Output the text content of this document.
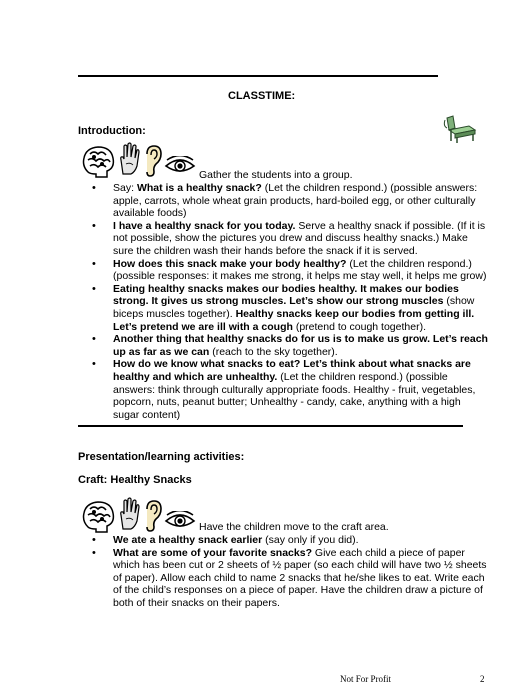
CLASSTIME:
Introduction:
Gather the students into a group.
• Say: What is a healthy snack? (Let the children respond.) (possible answers: apple, carrots, whole wheat grain products, hard-boiled egg, or other culturally available foods)
• I have a healthy snack for you today. Serve a healthy snack if possible. (If it is not possible, show the pictures you drew and discuss healthy snacks.) Make sure the children wash their hands before the snack if it is served.
• How does this snack make your body healthy? (Let the children respond.) (possible responses: it makes me strong, it helps me stay well, it helps me grow)
• Eating healthy snacks makes our bodies healthy. It makes our bodies strong. It gives us strong muscles. Let’s show our strong muscles (show biceps muscles together). Healthy snacks keep our bodies from getting ill. Let’s pretend we are ill with a cough (pretend to cough together).
• Another thing that healthy snacks do for us is to make us grow. Let’s reach up as far as we can (reach to the sky together).
• How do we know what snacks to eat? Let’s think about what snacks are healthy and which are unhealthy. (Let the children respond.) (possible answers: think through culturally appropriate foods. Healthy - fruit, vegetables, popcorn, nuts, peanut butter; Unhealthy - candy, cake, anything with a high sugar content)
Presentation/learning activities:
Craft: Healthy Snacks
Have the children move to the craft area.
• We ate a healthy snack earlier (say only if you did).
• What are some of your favorite snacks? Give each child a piece of paper which has been cut or 2 sheets of ½ paper (so each child will have two ½ sheets of paper). Allow each child to name 2 snacks that he/she likes to eat. Write each of the child’s responses on a piece of paper. Have the children draw a picture of both of their snacks on their papers.
Not For Profit	2
